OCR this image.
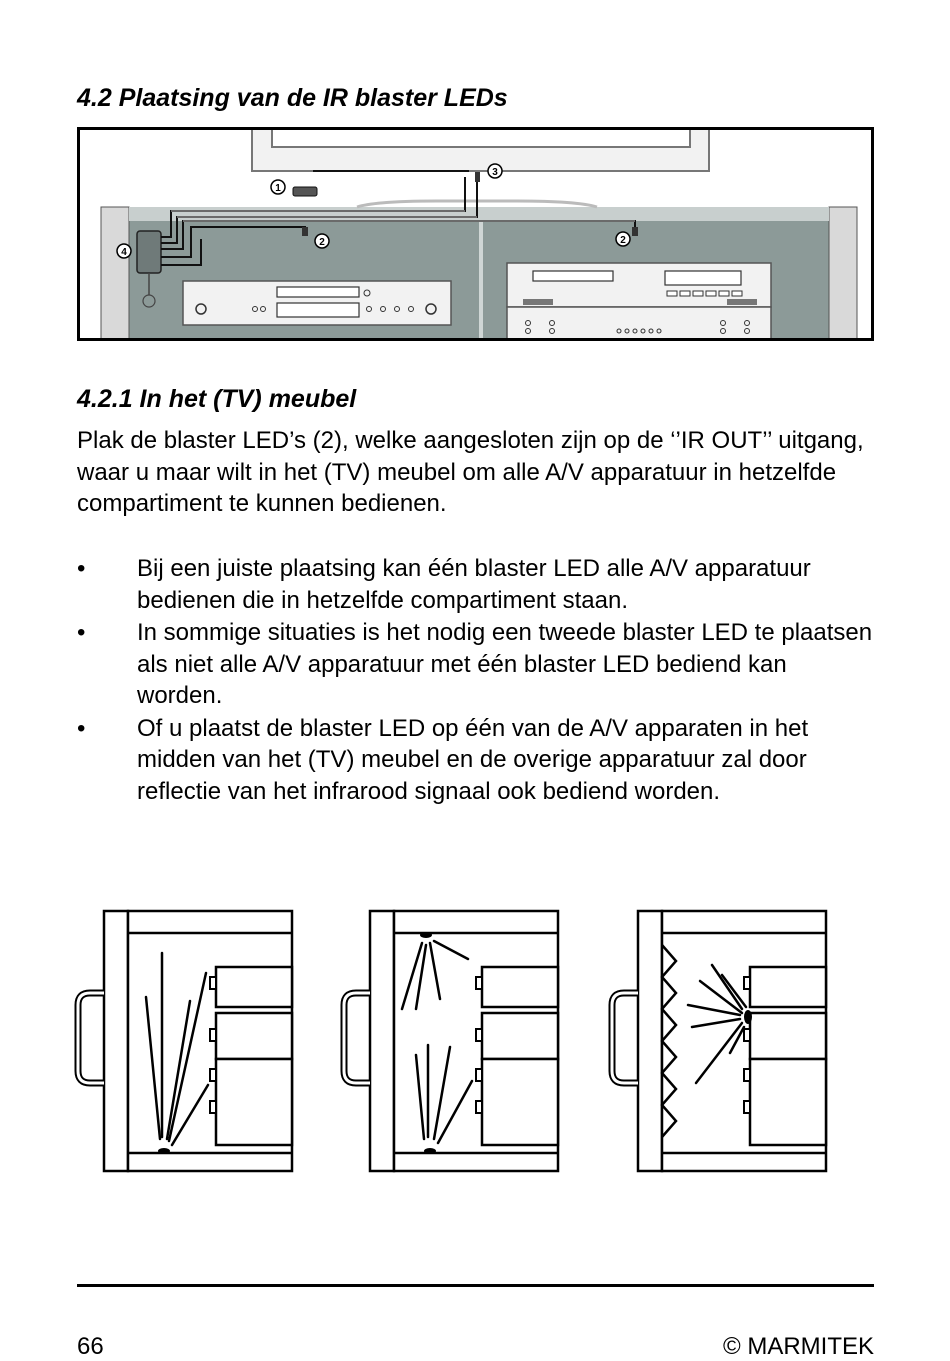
4.2 Plaatsing van de IR blaster LEDs
1
3
2	2
4
4.2.1 In het (TV) meubel

Plak de blaster LED’s (2), welke aangesloten zijn op de ‘’IR OUT’’ uitgang, waar u maar wilt in het (TV) meubel om alle A/V apparatuur in hetzelfde compartiment te kunnen bedienen.

• Bij een juiste plaatsing kan één blaster LED alle A/V apparatuur bedienen die in hetzelfde compartiment staan.
• In sommige situaties is het nodig een tweede blaster LED te plaatsen als niet alle A/V apparatuur met één blaster LED bediend kan worden.
• Of u plaatst de blaster LED op één van de A/V apparaten in het midden van het (TV) meubel en de overige apparatuur zal door reflectie van het infrarood signaal ook bediend worden.
66	© MARMITEK
